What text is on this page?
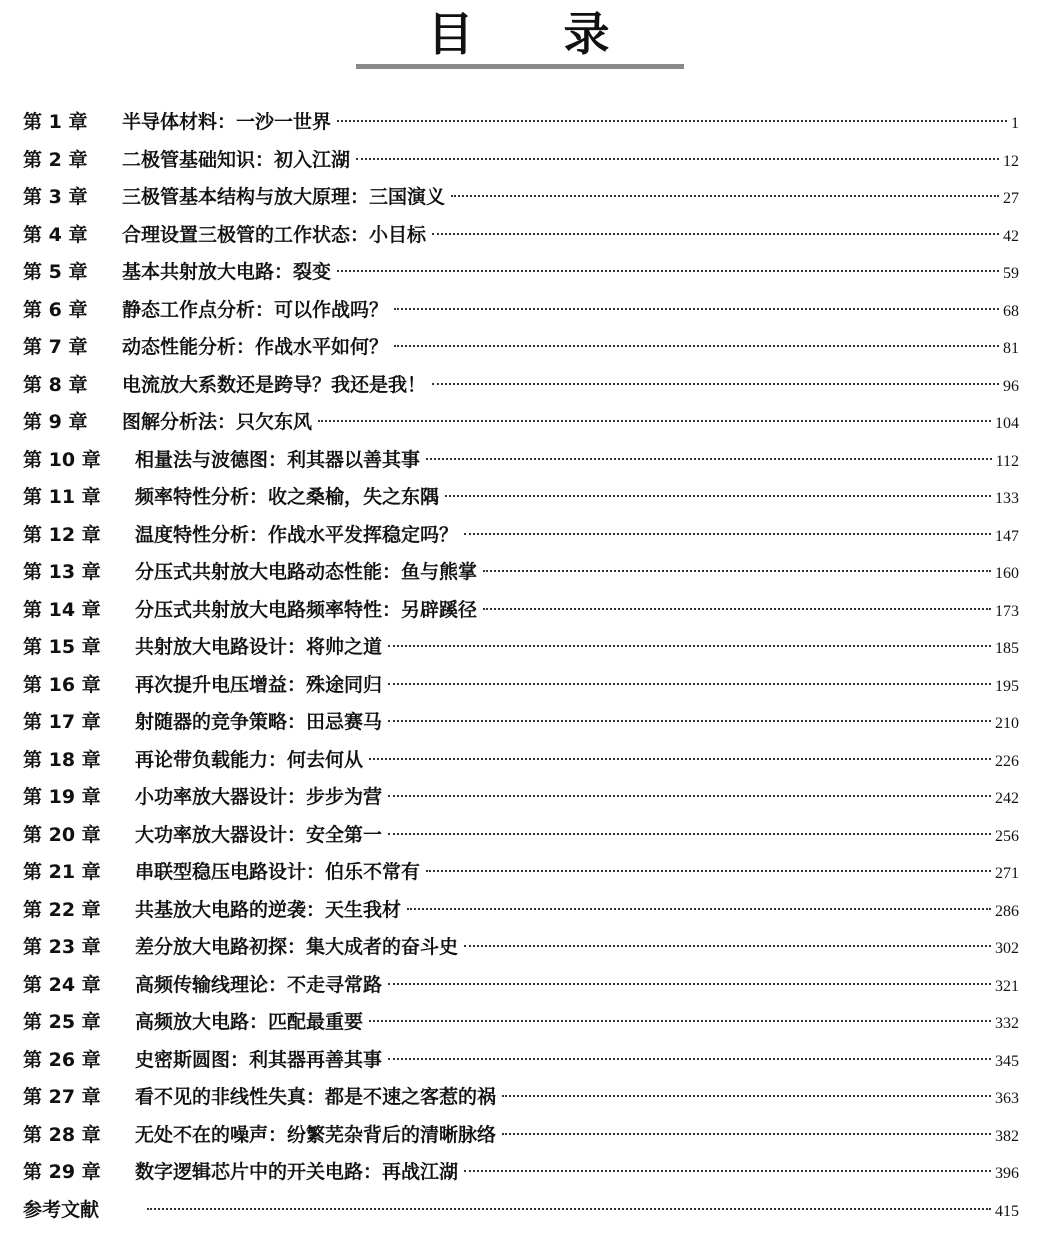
目录
第 1 章	半导体材料：一沙一世界	1
第 2 章	二极管基础知识：初入江湖	12
第 3 章	三极管基本结构与放大原理：三国演义	27
第 4 章	合理设置三极管的工作状态：小目标	42
第 5 章	基本共射放大电路：裂变	59
第 6 章	静态工作点分析：可以作战吗？	68
第 7 章	动态性能分析：作战水平如何？	81
第 8 章	电流放大系数还是跨导？我还是我！	96
第 9 章	图解分析法：只欠东风	104
第 10 章	相量法与波德图：利其器以善其事	112
第 11 章	频率特性分析：收之桑榆，失之东隅	133
第 12 章	温度特性分析：作战水平发挥稳定吗？	147
第 13 章	分压式共射放大电路动态性能：鱼与熊掌	160
第 14 章	分压式共射放大电路频率特性：另辟蹊径	173
第 15 章	共射放大电路设计：将帅之道	185
第 16 章	再次提升电压增益：殊途同归	195
第 17 章	射随器的竞争策略：田忌赛马	210
第 18 章	再论带负载能力：何去何从	226
第 19 章	小功率放大器设计：步步为营	242
第 20 章	大功率放大器设计：安全第一	256
第 21 章	串联型稳压电路设计：伯乐不常有	271
第 22 章	共基放大电路的逆袭：天生我材	286
第 23 章	差分放大电路初探：集大成者的奋斗史	302
第 24 章	高频传输线理论：不走寻常路	321
第 25 章	高频放大电路：匹配最重要	332
第 26 章	史密斯圆图：利其器再善其事	345
第 27 章	看不见的非线性失真：都是不速之客惹的祸	363
第 28 章	无处不在的噪声：纷繁芜杂背后的清晰脉络	382
第 29 章	数字逻辑芯片中的开关电路：再战江湖	396
参考文献	415
